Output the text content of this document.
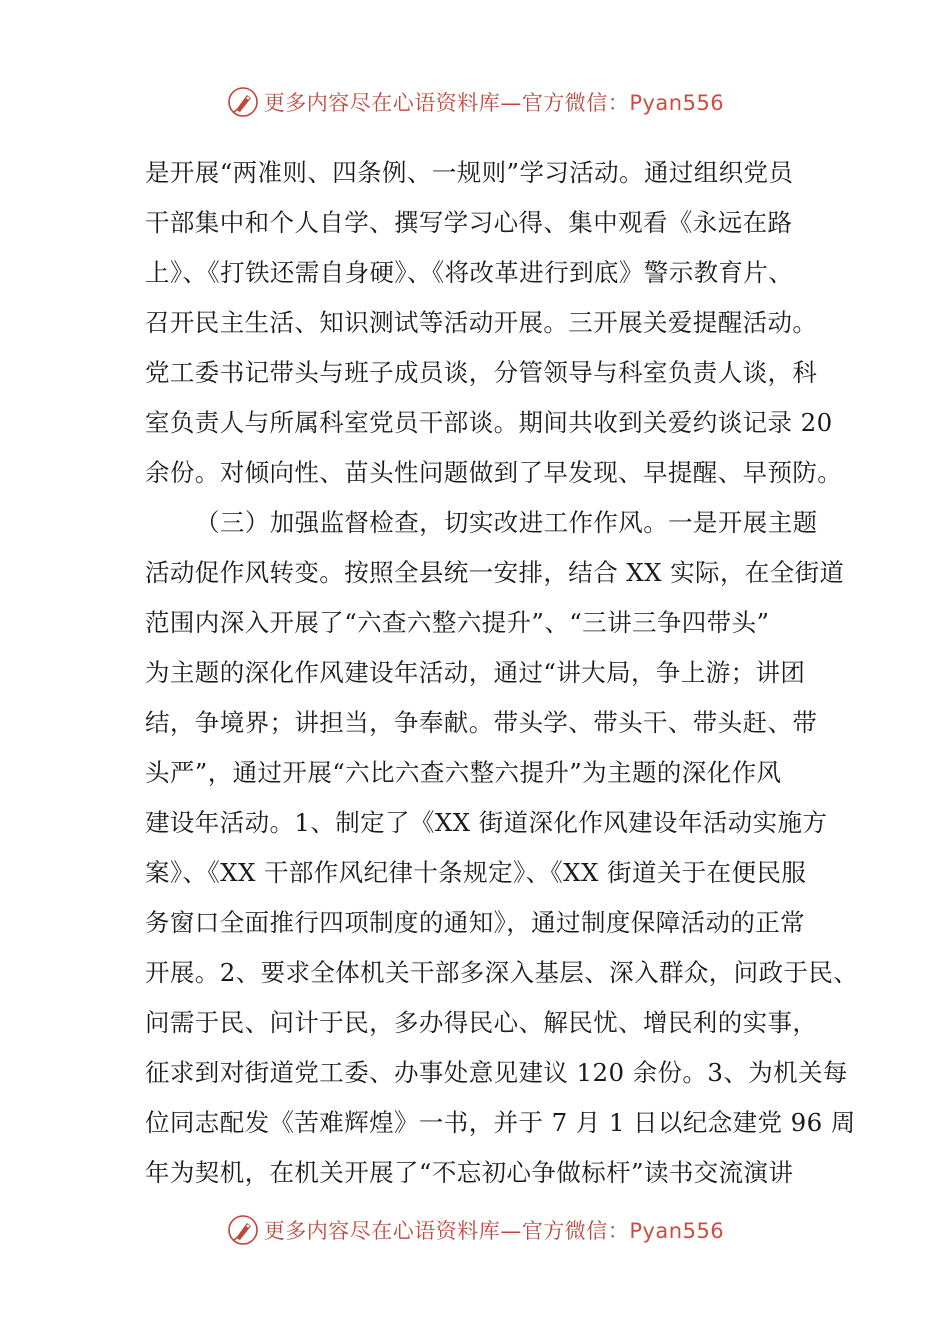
更多内容尽在心语资料库—官方微信：Pyan556
是开展“两准则、四条例、一规则”学习活动。通过组织党员
干部集中和个人自学、撰写学习心得、集中观看《永远在路
上》、《打铁还需自身硬》、《将改革进行到底》警示教育片、
召开民主生活、知识测试等活动开展。三开展关爱提醒活动。
党工委书记带头与班子成员谈，分管领导与科室负责人谈，科
室负责人与所属科室党员干部谈。期间共收到关爱约谈记录 20
余份。对倾向性、苗头性问题做到了早发现、早提醒、早预防。
（三）加强监督检查，切实改进工作作风。一是开展主题
活动促作风转变。按照全县统一安排，结合 XX 实际，在全街道
范围内深入开展了“六查六整六提升”、“三讲三争四带头”
为主题的深化作风建设年活动，通过“讲大局，争上游；讲团
结，争境界；讲担当，争奉献。带头学、带头干、带头赶、带
头严”，通过开展“六比六查六整六提升”为主题的深化作风
建设年活动。1、制定了《XX 街道深化作风建设年活动实施方
案》、《XX 干部作风纪律十条规定》、《XX 街道关于在便民服
务窗口全面推行四项制度的通知》，通过制度保障活动的正常
开展。2、要求全体机关干部多深入基层、深入群众，问政于民、
问需于民、问计于民，多办得民心、解民忧、增民利的实事，
征求到对街道党工委、办事处意见建议 120 余份。3、为机关每
位同志配发《苦难辉煌》一书，并于 7 月 1 日以纪念建党 96 周
年为契机，在机关开展了“不忘初心争做标杆”读书交流演讲
更多内容尽在心语资料库—官方微信：Pyan556
